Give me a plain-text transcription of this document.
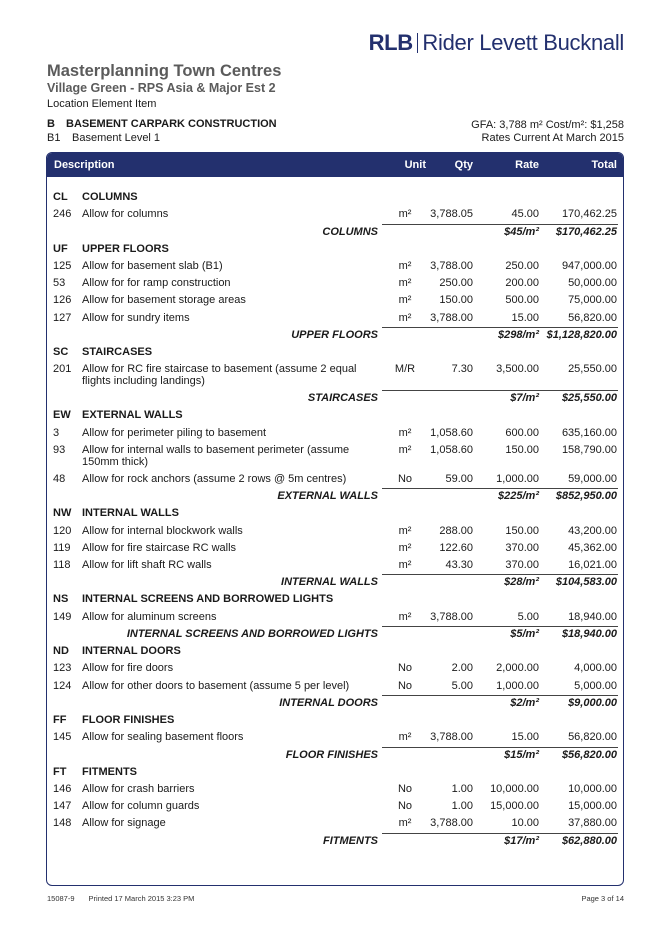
RLB Rider Levett Bucknall
Masterplanning Town Centres
Village Green - RPS Asia & Major Est 2
Location Element Item
B BASEMENT CARPARK CONSTRUCTION	GFA: 3,788 m² Cost/m²: $1,258
B1 Basement Level 1	Rates Current At March 2015
Description	Unit	Qty	Rate	Total
CL COLUMNS
246 Allow for columns	m²	3,788.05	45.00	170,462.25
COLUMNS	$45/m²	$170,462.25
UF UPPER FLOORS
125 Allow for basement slab (B1)	m²	3,788.00	250.00	947,000.00
53 Allow for for ramp construction	m²	250.00	200.00	50,000.00
126 Allow for basement storage areas	m²	150.00	500.00	75,000.00
127 Allow for sundry items	m²	3,788.00	15.00	56,820.00
UPPER FLOORS	$298/m² $1,128,820.00
SC STAIRCASES
201 Allow for RC fire staircase to basement (assume 2 equal flights including landings)
M/R	7.30	3,500.00	25,550.00
STAIRCASES	$7/m²	$25,550.00
EW EXTERNAL WALLS
3 Allow for perimeter piling to basement	m²	1,058.60	600.00	635,160.00
93 Allow for internal walls to basement perimeter (assume 150mm thick)
m²	1,058.60	150.00	158,790.00
48 Allow for rock anchors (assume 2 rows @ 5m centres)	No	59.00	1,000.00	59,000.00
EXTERNAL WALLS	$225/m²	$852,950.00
NW INTERNAL WALLS
120 Allow for internal blockwork walls	m²	288.00	150.00	43,200.00
119 Allow for fire staircase RC walls	m²	122.60	370.00	45,362.00
118 Allow for lift shaft RC walls	m²	43.30	370.00	16,021.00
INTERNAL WALLS	$28/m²	$104,583.00
NS INTERNAL SCREENS AND BORROWED LIGHTS
149 Allow for aluminum screens	m²	3,788.00	5.00	18,940.00
INTERNAL SCREENS AND BORROWED LIGHTS	$5/m²	$18,940.00
ND INTERNAL DOORS
123 Allow for fire doors	No	2.00	2,000.00	4,000.00
124 Allow for other doors to basement (assume 5 per level)	No	5.00	1,000.00	5,000.00
INTERNAL DOORS	$2/m²	$9,000.00
FF FLOOR FINISHES
145 Allow for sealing basement floors	m²	3,788.00	15.00	56,820.00
FLOOR FINISHES	$15/m²	$56,820.00
FT FITMENTS
146 Allow for crash barriers	No	1.00	10,000.00	10,000.00
147 Allow for column guards	No	1.00	15,000.00	15,000.00
148 Allow for signage	m²	3,788.00	10.00	37,880.00
FITMENTS	$17/m²	$62,880.00
15087-9 Printed 17 March 2015 3:23 PM	Page 3 of 14
